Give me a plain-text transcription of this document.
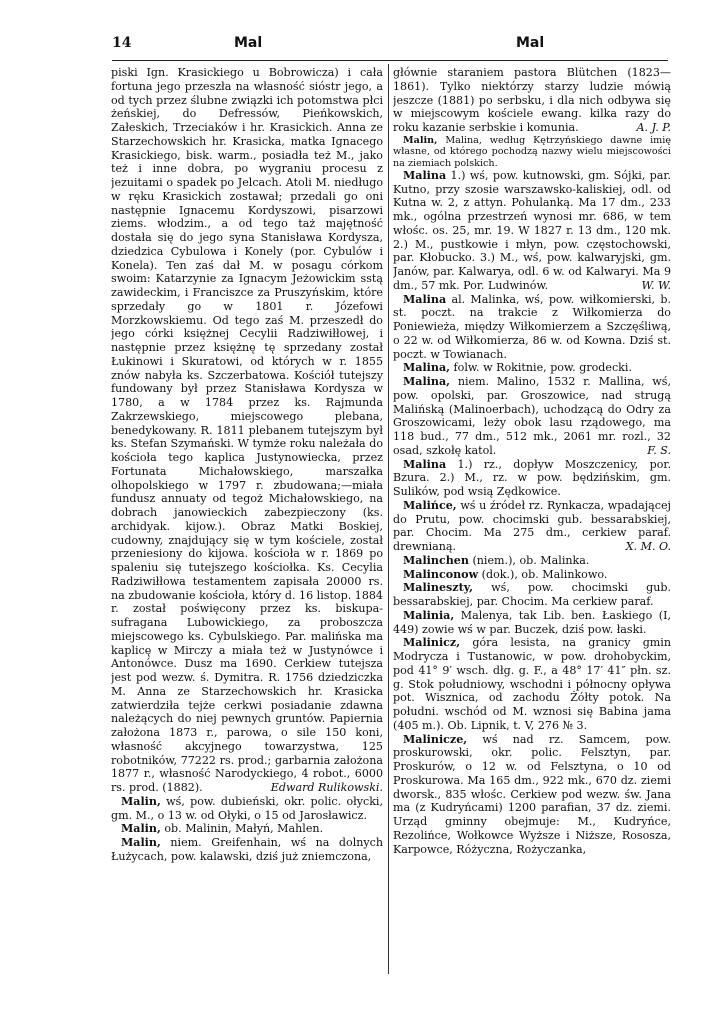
14	Mal	Mal

piski Ign. Krasickiego u Bobrowicza) i cała fortuna jego przeszła na własność sióstr jego, a od tych przez ślubne związki ich potomstwa płci żeńskiej, do Defressów, Pieńkowskich, Załeskich, Trzeciaków i hr. Krasickich. Anna ze Starzechowskich hr. Krasicka, matka Ignacego Krasickiego, bisk. warm., posiadła też M., jako też i inne dobra, po wygraniu procesu z jezuitami o spadek po Jelcach. Atoli M. niedługo w ręku Krasickich zostawał; przedali go oni następnie Ignacemu Kordyszowi, pisarzowi ziems. włodzim., a od tego taż majętność dostała się do jego syna Stanisława Kordysza, dziedzica Cybulowa i Konely (por. Cybulów i Konela). Ten zaś dał M. w posagu córkom swoim: Katarzynie za Ignacym Jeżowickim sstą zawideckim, i Franciszce za Pruszyńskim, które sprzedały go w 1801 r. Józefowi Morzkowskiemu. Od tego zaś M. przeszedł do jego córki księżnej Cecylii Radziwiłłowej, i następnie przez księżnę tę sprzedany został Łukinowi i Skuratowi, od których w r. 1855 znów nabyła ks. Szczerbatowa. Kościół tutejszy fundowany był przez Stanisława Kordysza w 1780, a w 1784 przez ks. Rajmunda Zakrzewskiego, miejscowego plebana, benedykowany. R. 1811 plebanem tutejszym był ks. Stefan Szymański. W tymże roku należała do kościoła tego kaplica Justynowiecka, przez Fortunata Michałowskiego, marszałka olhopolskiego w 1797 r. zbudowana;—miała fundusz annuaty od tegoż Michałowskiego, na dobrach janowieckich zabezpieczony (ks. archidyak. kijow.). Obraz Matki Boskiej, cudowny, znajdujący się w tym kościele, został przeniesiony do kijowa. kościoła w r. 1869 po spaleniu się tutejszego kościołka. Ks. Cecylia Radziwiłłowa testamentem zapisała 20000 rs. na zbudowanie kościoła, który d. 16 listop. 1884 r. został poświęcony przez ks. biskupa-sufragana Lubowickiego, za proboszcza miejscowego ks. Cybulskiego. Par. malińska ma kaplicę w Mirczy a miała też w Justynówce i Antonówce. Dusz ma 1690. Cerkiew tutejsza jest pod wezw. ś. Dymitra. R. 1756 dziedziczka M. Anna ze Starzechowskich hr. Krasicka zatwierdziła tejże cerkwi posiadanie zdawna należących do niej pewnych gruntów. Papiernia założona 1873 r., parowa, o sile 150 koni, własność akcyjnego towarzystwa, 125 robotników, 77222 rs. prod.; garbarnia założona 1877 r., własność Narodyckiego, 4 robot., 6000 rs. prod. (1882).	Edward Rulikowski.

Malin, wś, pow. dubieński, okr. polic. ołycki, gm. M., o 13 w. od Ołyki, o 15 od Jarosławicz.

Malin, ob. Malinin, Małyń, Mahlen.

Malin, niem. Greifenhain, wś na dolnych Łużycach, pow. kalawski, dziś już zniemczona,

głównie staraniem pastora Blütchen (1823—1861). Tylko niektórzy starzy ludzie mówią jeszcze (1881) po serbsku, i dla nich odbywa się w miejscowym kościele ewang. kilka razy do roku kazanie serbskie i komunia.	A. J. P.

Malin, Malina, według Kętrzyńskiego dawne imię własne, od którego pochodzą nazwy wielu miejscowości na ziemiach polskich.

Malina 1.) wś, pow. kutnowski, gm. Sójki, par. Kutno, przy szosie warszawsko-kaliskiej, odl. od Kutna w. 2, z attyn. Pohulanką. Ma 17 dm., 233 mk., ogólna przestrzeń wynosi mr. 686, w tem włośc. os. 25, mr. 19. W 1827 r. 13 dm., 120 mk. 2.) M., pustkowie i młyn, pow. częstochowski, par. Kłobucko. 3.) M., wś, pow. kalwaryjski, gm. Janów, par. Kalwarya, odl. 6 w. od Kalwaryi. Ma 9 dm., 57 mk. Por. Ludwinów.	W. W.

Malina al. Malinka, wś, pow. wiłkomierski, b. st. poczt. na trakcie z Wiłkomierza do Poniewieża, między Wiłkomierzem a Szczęśliwą, o 22 w. od Wiłkomierza, 86 w. od Kowna. Dziś st. poczt. w Towianach.

Malina, folw. w Rokitnie, pow. grodecki.

Malina, niem. Malino, 1532 r. Mallina, wś, pow. opolski, par. Groszowice, nad strugą Malińską (Malinoerbach), uchodzącą do Odry za Groszowicami, leży obok lasu rządowego, ma 118 bud., 77 dm., 512 mk., 2061 mr. rozl., 32 osad, szkołę katol.	F. S.

Malina 1.) rz., dopływ Moszczenicy, por. Bzura. 2.) M., rz. w pow. będzińskim, gm. Sulików, pod wsią Zędkowice.

Malińce, wś u źródeł rz. Rynkacza, wpadającej do Prutu, pow. chocimski gub. bessarabskiej, par. Chocim. Ma 275 dm., cerkiew paraf. drewnianą.	X. M. O.

Malinchen (niem.), ob. Malinka.

Malinconow (dok.), ob. Malinkowo.

Malineszty, wś, pow. chocimski gub. bessarabskiej, par. Chocim. Ma cerkiew paraf.

Malinia, Malenya, tak Lib. ben. Łaskiego (I, 449) zowie wś w par. Buczek, dziś pow. łaski.

Malinicz, góra lesista, na granicy gmin Modrycza i Tustanowic, w pow. drohobyckim, pod 41° 9′ wsch. dłg. g. F., a 48° 17′ 41″ płn. sz. g. Stok południowy, wschodni i północny opływa pot. Wisznica, od zachodu Żółty potok. Na południ. wschód od M. wznosi się Babina jama (405 m.). Ob. Lipnik, t. V, 276 № 3.

Malinicze, wś nad rz. Samcem, pow. proskurowski, okr. polic. Felsztyn, par. Proskurów, o 12 w. od Felsztyna, o 10 od Proskurowa. Ma 165 dm., 922 mk., 670 dz. ziemi dworsk., 835 włośc. Cerkiew pod wezw. św. Jana ma (z Kudryńcami) 1200 parafian, 37 dz. ziemi. Urząd gminny obejmuje: M., Kudryńce, Rezolińce, Wołkowce Wyższe i Niższe, Rososza, Karpowce, Różyczna, Rożyczanka,
